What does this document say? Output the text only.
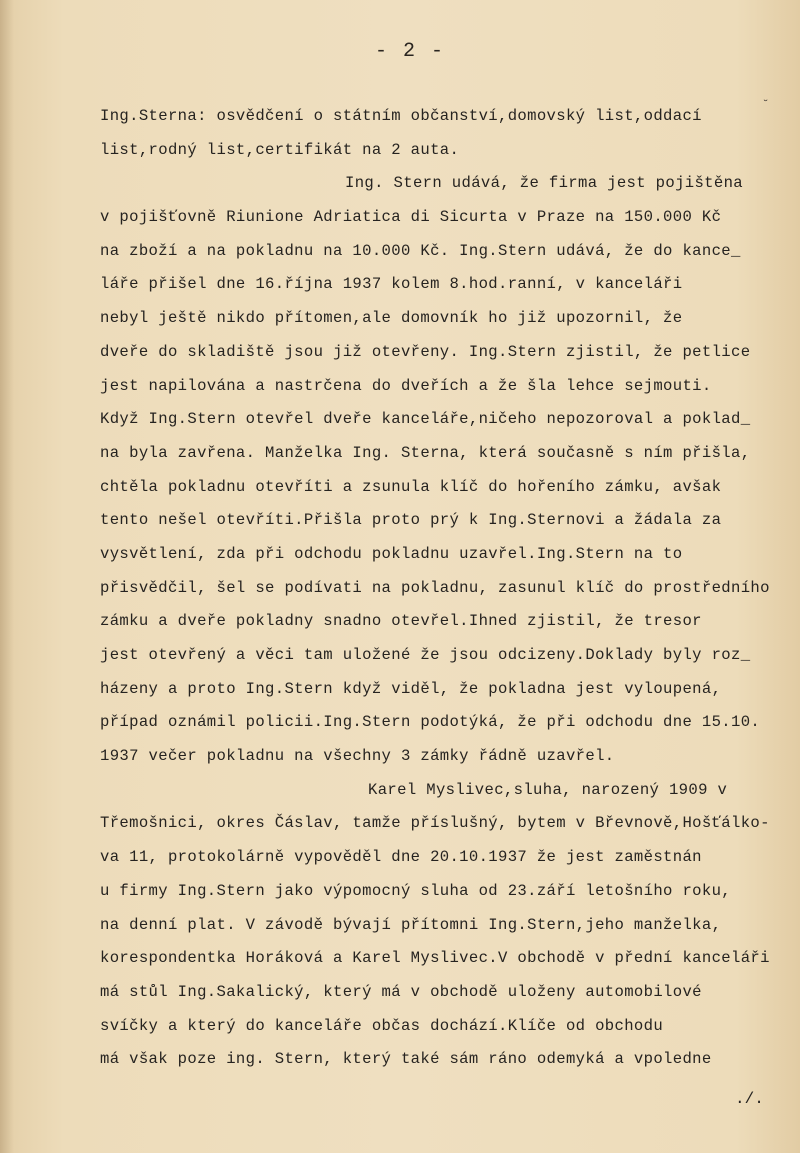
- 2 -
˘
Ing.Sterna: osvědčení o státním občanství,domovský list,oddací
list,rodný list,certifikát na 2 auta.
Ing. Stern udává, že firma jest pojištěna
v pojišťovně Riunione Adriatica di Sicurta v Praze na 150.000 Kč
na zboží a na pokladnu na 10.000 Kč. Ing.Stern udává, že do kance_
láře přišel dne 16.října 1937 kolem 8.hod.ranní, v kanceláři
nebyl ještě nikdo přítomen,ale domovník ho již upozornil, že
dveře do skladiště jsou již otevřeny. Ing.Stern zjistil, že petlice
jest napilována a nastrčena do dveřích a že šla lehce sejmouti.
Když Ing.Stern otevřel dveře kanceláře,ničeho nepozoroval a poklad_
na byla zavřena. Manželka Ing. Sterna, která současně s ním přišla,
chtěla pokladnu otevříti a zsunula klíč do hořeního zámku, avšak
tento nešel otevříti.Přišla proto prý k Ing.Sternovi a žádala za
vysvětlení, zda při odchodu pokladnu uzavřel.Ing.Stern na to
přisvědčil, šel se podívati na pokladnu, zasunul klíč do prostředního
zámku a dveře pokladny snadno otevřel.Ihned zjistil, že tresor
jest otevřený a věci tam uložené že jsou odcizeny.Doklady byly roz_
házeny a proto Ing.Stern když viděl, že pokladna jest vyloupená,
případ oznámil policii.Ing.Stern podotýká, že při odchodu dne 15.10.
1937 večer pokladnu na všechny 3 zámky řádně uzavřel.
Karel Myslivec,sluha, narozený 1909 v
Třemošnici, okres Čáslav, tamže příslušný, bytem v Břevnově,Hošťálko-
va 11, protokolárně vypověděl dne 20.10.1937 že jest zaměstnán
u firmy Ing.Stern jako výpomocný sluha od 23.září letošního roku,
na denní plat. V závodě bývají přítomni Ing.Stern,jeho manželka,
korespondentka Horáková a Karel Myslivec.V obchodě v přední kanceláři
má stůl Ing.Sakalický, který má v obchodě uloženy automobilové
svíčky a který do kanceláře občas dochází.Klíče od obchodu
má však poze ing. Stern, který také sám ráno odemyká a vpoledne
./.
